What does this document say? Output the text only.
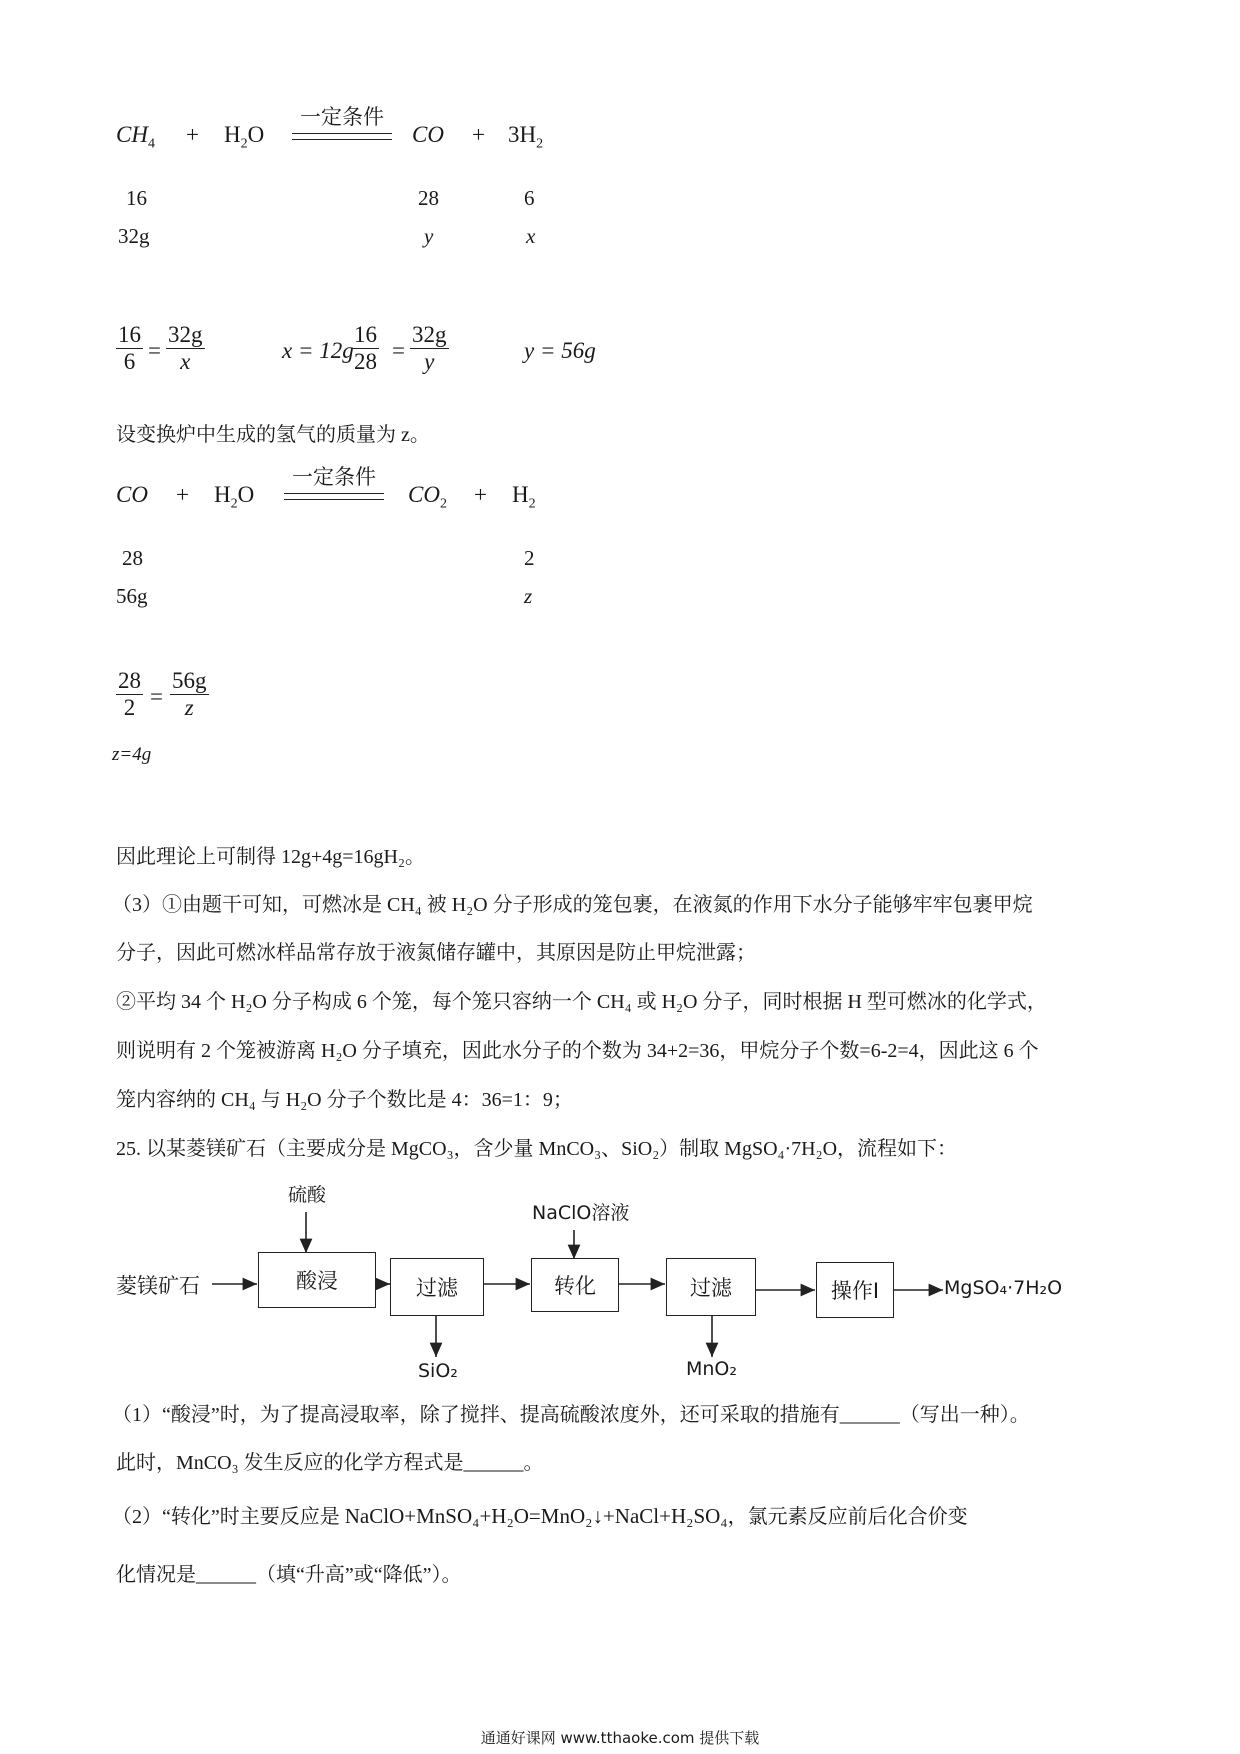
$CH_4 + H_2O$
一定条件
CO + $3H_2$
16	28	6
32g	y	x
$\frac{16}{6} = \frac{32g}{x}$	x = 12g
$\frac{16}{28} = \frac{32g}{y}$	y = 56g
设变换炉中生成的氢气的质量为 z。
CO + $H_2O$
一定条件
$CO_2 + H_2$
28	2
56g	z
$\frac{28}{2} = \frac{56g}{z}$
z=4g
因此理论上可制得 12g+4g=16gH₂。
（3）①由题干可知，可燃冰是 CH₄ 被 H₂O 分子形成的笼包裹，在液氮的作用下水分子能够牢牢包裹甲烷
分子，因此可燃冰样品常存放于液氮储存罐中，其原因是防止甲烷泄露；
②平均 34 个 H₂O 分子构成 6 个笼，每个笼只容纳一个 CH₄ 或 H₂O 分子，同时根据 H 型可燃冰的化学式，
则说明有 2 个笼被游离 H₂O 分子填充，因此水分子的个数为 34+2=36，甲烷分子个数=6-2=4，因此这 6 个
笼内容纳的 CH₄ 与 H₂O 分子个数比是 4：36=1：9；
25. 以某菱镁矿石（主要成分是 MgCO₃，含少量 MnCO₃、SiO₂）制取 MgSO₄·7H₂O，流程如下：
菱镁矿石
硫酸
酸浸	过滤
SiO₂
NaClO溶液
转化	过滤
MnO₂
操作I	MgSO₄·7H₂O
（1）“酸浸”时，为了提高浸取率，除了搅拌、提高硫酸浓度外，还可采取的措施有______（写出一种）。
此时，MnCO₃ 发生反应的化学方程式是______。
（2）“转化”时主要反应是 NaClO+MnSO₄+H₂O=MnO₂↓+NaCl+H₂SO₄，氯元素反应前后化合价变
化情况是______（填“升高”或“降低”）。
通通好课网 www.tthaoke.com 提供下载
